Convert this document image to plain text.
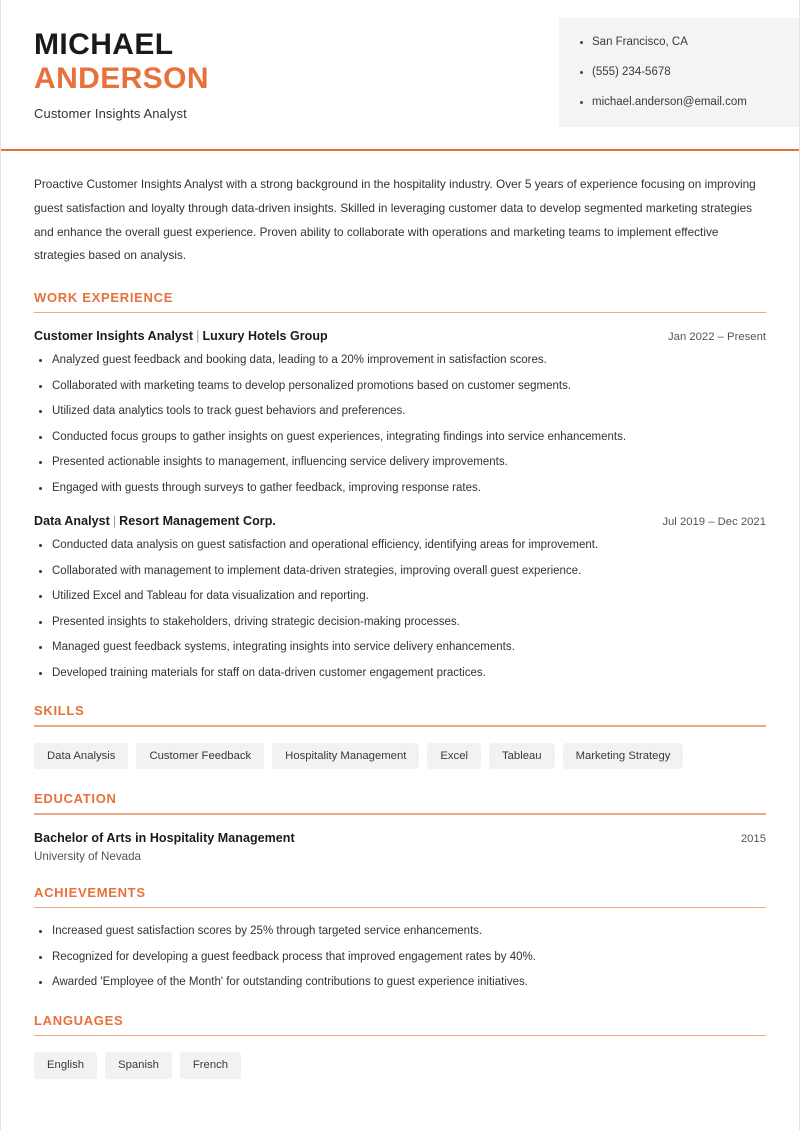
MICHAEL
ANDERSON
Customer Insights Analyst
San Francisco, CA
(555) 234-5678
michael.anderson@email.com
Proactive Customer Insights Analyst with a strong background in the hospitality industry. Over 5 years of experience focusing on improving guest satisfaction and loyalty through data-driven insights. Skilled in leveraging customer data to develop segmented marketing strategies and enhance the overall guest experience. Proven ability to collaborate with operations and marketing teams to implement effective strategies based on analysis.
WORK EXPERIENCE
Customer Insights Analyst | Luxury Hotels Group	Jan 2022 – Present
Analyzed guest feedback and booking data, leading to a 20% improvement in satisfaction scores.
Collaborated with marketing teams to develop personalized promotions based on customer segments.
Utilized data analytics tools to track guest behaviors and preferences.
Conducted focus groups to gather insights on guest experiences, integrating findings into service enhancements.
Presented actionable insights to management, influencing service delivery improvements.
Engaged with guests through surveys to gather feedback, improving response rates.
Data Analyst | Resort Management Corp.	Jul 2019 – Dec 2021
Conducted data analysis on guest satisfaction and operational efficiency, identifying areas for improvement.
Collaborated with management to implement data-driven strategies, improving overall guest experience.
Utilized Excel and Tableau for data visualization and reporting.
Presented insights to stakeholders, driving strategic decision-making processes.
Managed guest feedback systems, integrating insights into service delivery enhancements.
Developed training materials for staff on data-driven customer engagement practices.
SKILLS
Data Analysis	Customer Feedback	Hospitality Management	Excel	Tableau	Marketing Strategy
EDUCATION
Bachelor of Arts in Hospitality Management	2015
University of Nevada
ACHIEVEMENTS
Increased guest satisfaction scores by 25% through targeted service enhancements.
Recognized for developing a guest feedback process that improved engagement rates by 40%.
Awarded 'Employee of the Month' for outstanding contributions to guest experience initiatives.
LANGUAGES
English	Spanish	French
